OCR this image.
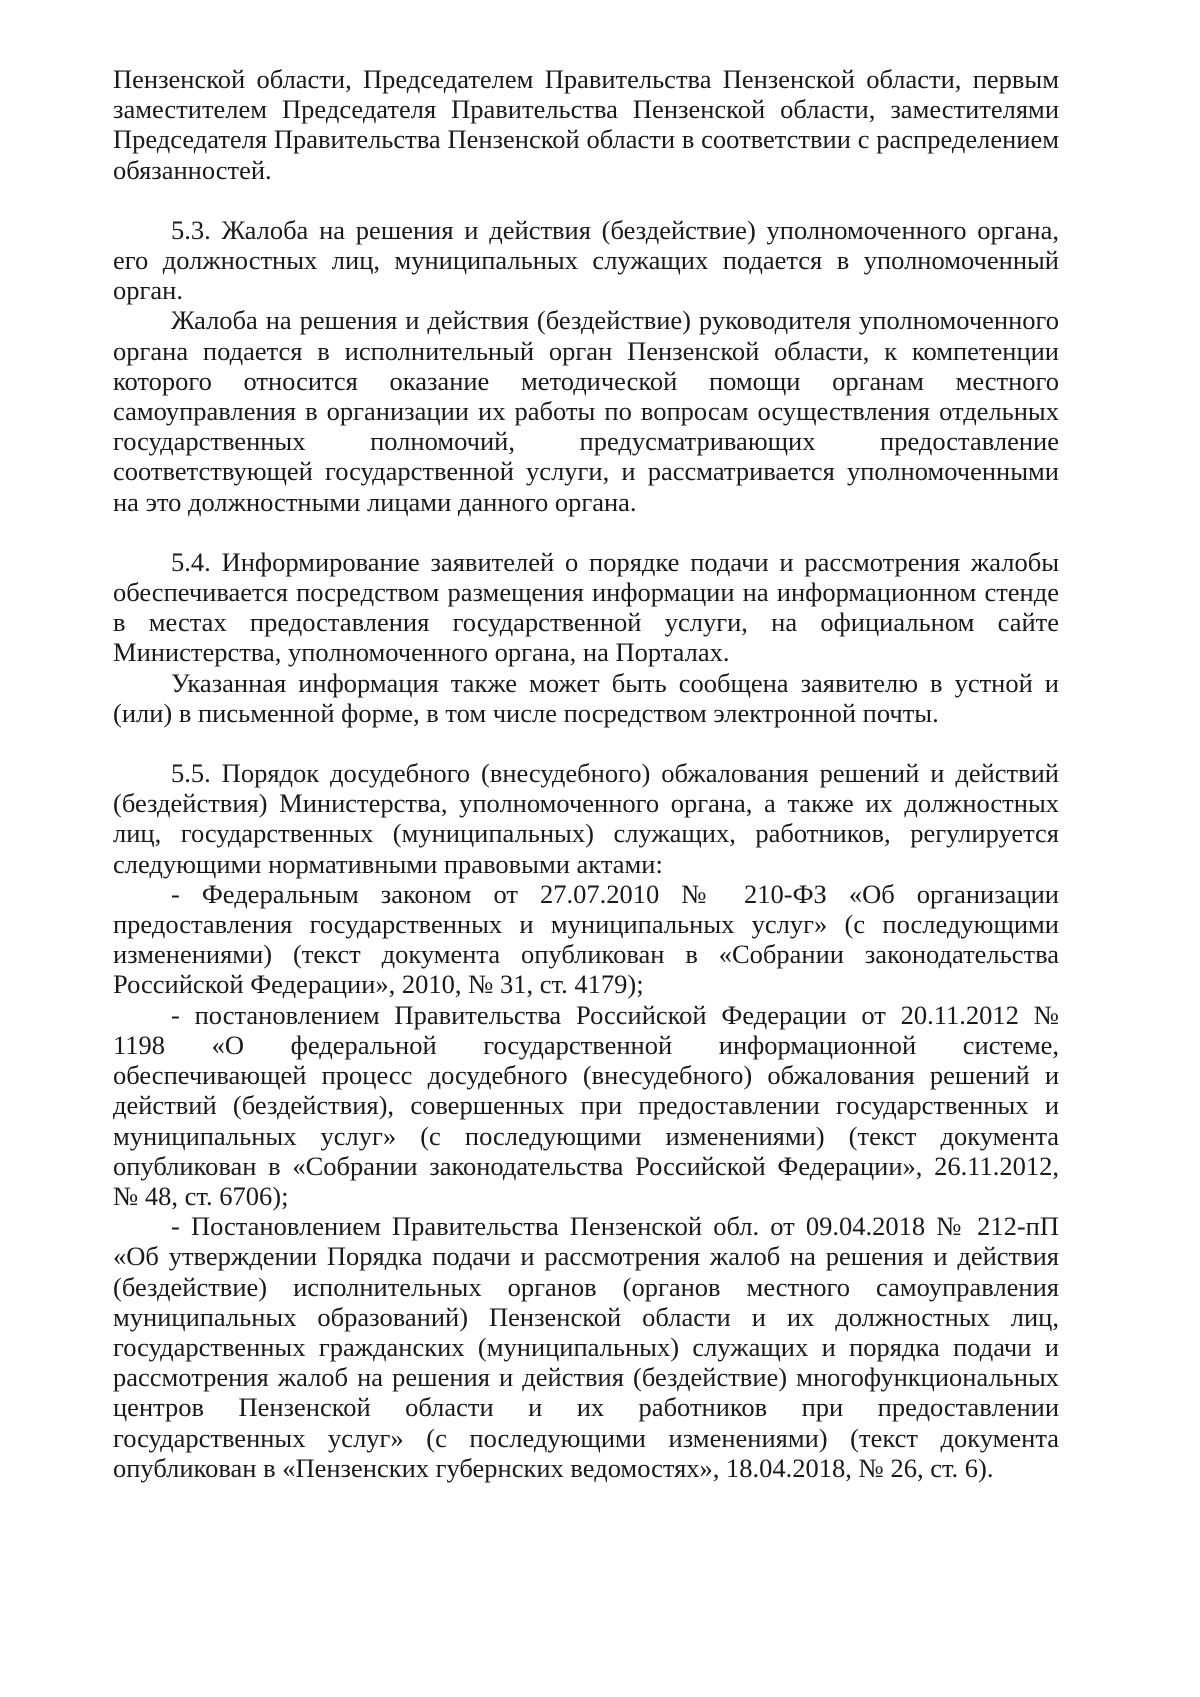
Пензенской области, Председателем Правительства Пензенской области, первым заместителем Председателя Правительства Пензенской области, заместителями Председателя Правительства Пензенской области в соответствии с распределением обязанностей.

5.3. Жалоба на решения и действия (бездействие) уполномоченного органа, его должностных лиц, муниципальных служащих подается в уполномоченный орган.

Жалоба на решения и действия (бездействие) руководителя уполномоченного органа подается в исполнительный орган Пензенской области, к компетенции которого относится оказание методической помощи органам местного самоуправления в организации их работы по вопросам осуществления отдельных государственных полномочий, предусматривающих предоставление соответствующей государственной услуги, и рассматривается уполномоченными на это должностными лицами данного органа.

5.4. Информирование заявителей о порядке подачи и рассмотрения жалобы обеспечивается посредством размещения информации на информационном стенде в местах предоставления государственной услуги, на официальном сайте Министерства, уполномоченного органа, на Порталах.

Указанная информация также может быть сообщена заявителю в устной и (или) в письменной форме, в том числе посредством электронной почты.

5.5. Порядок досудебного (внесудебного) обжалования решений и действий (бездействия) Министерства, уполномоченного органа, а также их должностных лиц, государственных (муниципальных) служащих, работников, регулируется следующими нормативными правовыми актами:

- Федеральным законом от 27.07.2010 № 210-ФЗ «Об организации предоставления государственных и муниципальных услуг» (с последующими изменениями) (текст документа опубликован в «Собрании законодательства Российской Федерации», 2010, № 31, ст. 4179);

- постановлением Правительства Российской Федерации от 20.11.2012 № 1198 «О федеральной государственной информационной системе, обеспечивающей процесс досудебного (внесудебного) обжалования решений и действий (бездействия), совершенных при предоставлении государственных и муниципальных услуг» (с последующими изменениями) (текст документа опубликован в «Собрании законодательства Российской Федерации», 26.11.2012, № 48, ст. 6706);

- Постановлением Правительства Пензенской обл. от 09.04.2018 № 212-пП «Об утверждении Порядка подачи и рассмотрения жалоб на решения и действия (бездействие) исполнительных органов (органов местного самоуправления муниципальных образований) Пензенской области и их должностных лиц, государственных гражданских (муниципальных) служащих и порядка подачи и рассмотрения жалоб на решения и действия (бездействие) многофункциональных центров Пензенской области и их работников при предоставлении государственных услуг» (с последующими изменениями) (текст документа опубликован в «Пензенских губернских ведомостях», 18.04.2018, № 26, ст. 6).
